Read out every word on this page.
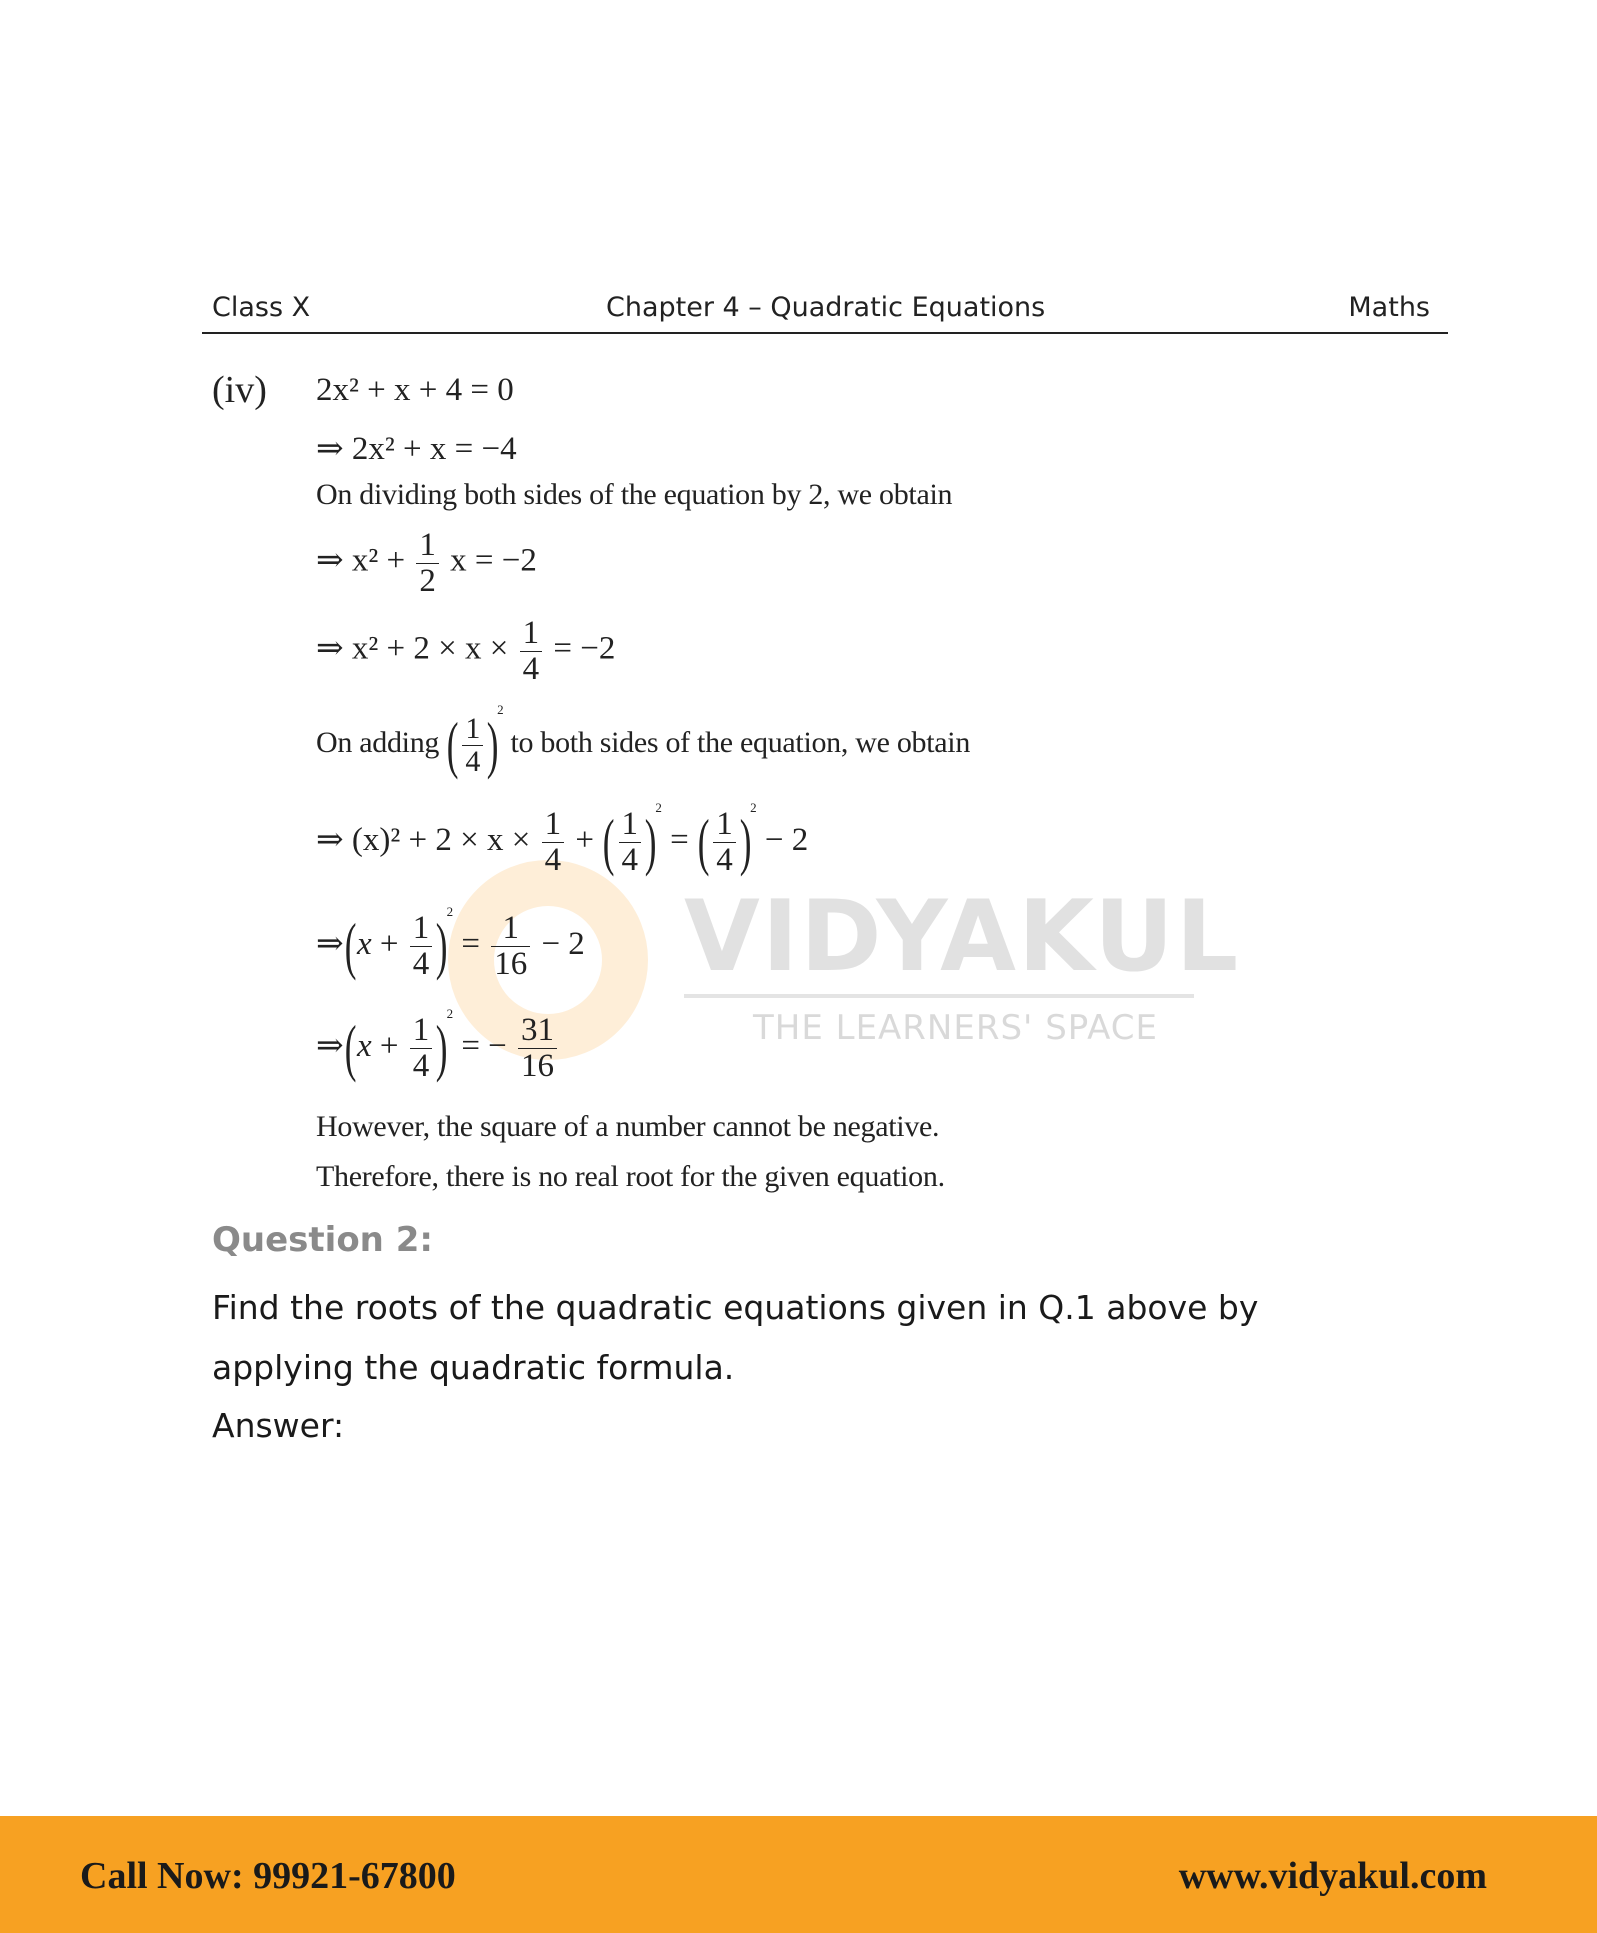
Class X	Chapter 4 – Quadratic Equations	Maths
VIDYAKUL
THE LEARNERS' SPACE
(iv) 2x² + x + 4 = 0
⇒ 2x² + x = −4
On dividing both sides of the equation by 2, we obtain
⇒ $x^2 + \frac{1}{2}$ x = −2
⇒ $x^2 + 2 \times x \times \frac{1}{4} = -2$
On adding ( $\frac{1}{4} )^2$ to both sides of the equation, we obtain
⇒ $(x)^2 + 2 \times x \times \frac{1}{4}$ + ( $\frac{1}{4} )^2$ = ( $\frac{1}{4} )^2 - 2$
⇒(x + $\frac{1}{4} )^2 = \frac{1}{16} - 2$
⇒(x + $\frac{1}{4} )^2$ = − $\frac{31}{16}$
However, the square of a number cannot be negative.
Therefore, there is no real root for the given equation.
Question 2:
Find the roots of the quadratic equations given in Q.1 above by
applying the quadratic formula.
Answer:
Call Now: 99921-67800	www.vidyakul.com
